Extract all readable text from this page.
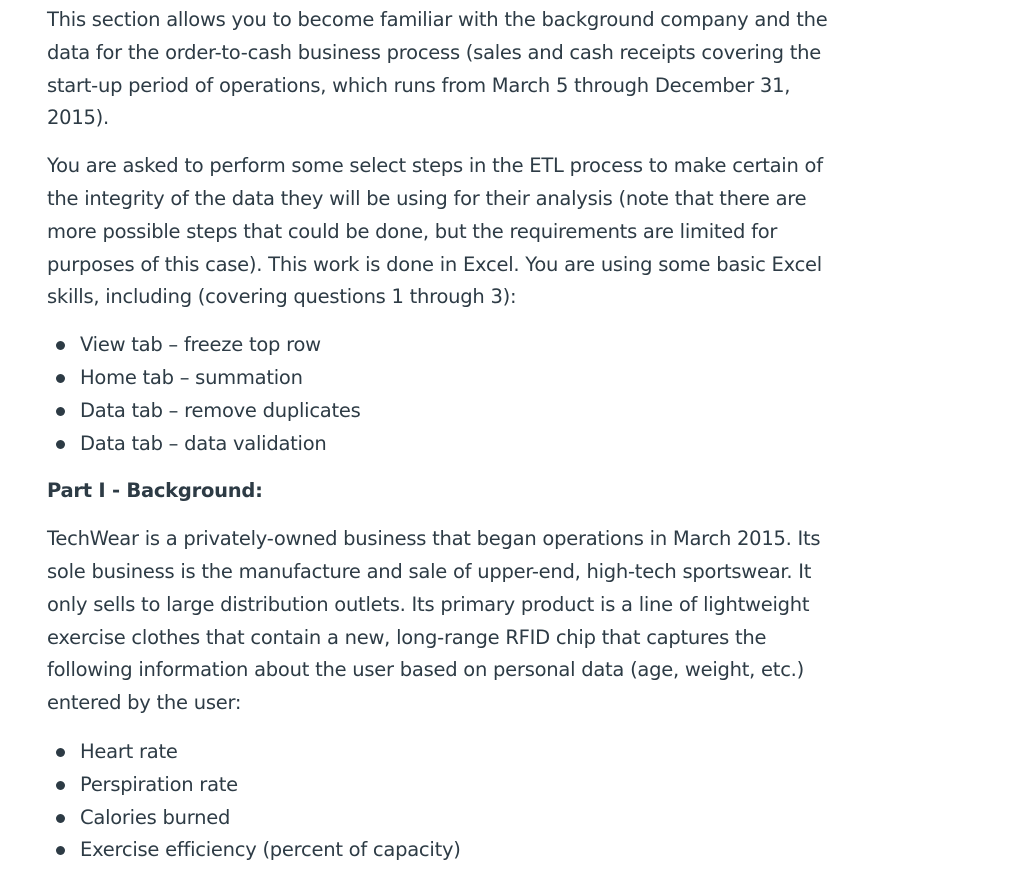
This section allows you to become familiar with the background company and the data for the order-to-cash business process (sales and cash receipts covering the start-up period of operations, which runs from March 5 through December 31, 2015).

You are asked to perform some select steps in the ETL process to make certain of the integrity of the data they will be using for their analysis (note that there are more possible steps that could be done, but the requirements are limited for purposes of this case). This work is done in Excel. You are using some basic Excel skills, including (covering questions 1 through 3):

View tab – freeze top row
Home tab – summation
Data tab – remove duplicates
Data tab – data validation
Part I - Background:

TechWear is a privately-owned business that began operations in March 2015. Its sole business is the manufacture and sale of upper-end, high-tech sportswear. It only sells to large distribution outlets. Its primary product is a line of lightweight exercise clothes that contain a new, long-range RFID chip that captures the following information about the user based on personal data (age, weight, etc.) entered by the user:

Heart rate
Perspiration rate
Calories burned
Exercise efficiency (percent of capacity)
